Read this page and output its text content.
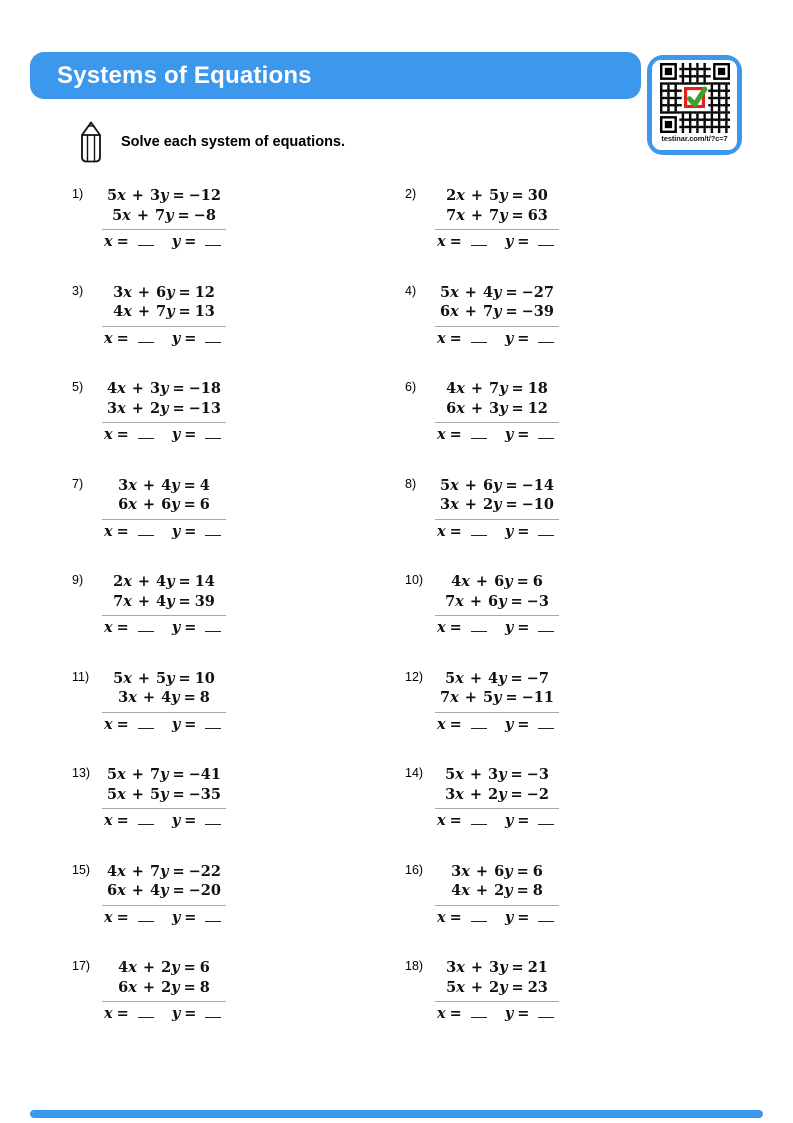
Systems of Equations
testinar.com/t/?c=7
Solve each system of equations.
1)	5x + 3y = −12
5x + 7y = −8
x =	y =
2)	2x + 5y = 30
7x + 7y = 63
x =	y =
3)	3x + 6y = 12
4x + 7y = 13
x =	y =
4)	5x + 4y = −27
6x + 7y = −39
x =	y =
5)	4x + 3y = −18
3x + 2y = −13
x =	y =
6)	4x + 7y = 18
6x + 3y = 12
x =	y =
7)	3x + 4y = 4
6x + 6y = 6
x =	y =
8)	5x + 6y = −14
3x + 2y = −10
x =	y =
9)	2x + 4y = 14
7x + 4y = 39
x =	y =
10)	4x + 6y = 6
7x + 6y = −3
x =	y =
11)	5x + 5y = 10
3x + 4y = 8
x =	y =
12)	5x + 4y = −7
7x + 5y = −11
x =	y =
13)	5x + 7y = −41
5x + 5y = −35
x =	y =
14)	5x + 3y = −3
3x + 2y = −2
x =	y =
15)	4x + 7y = −22
6x + 4y = −20
x =	y =
16)	3x + 6y = 6
4x + 2y = 8
x =	y =
17)	4x + 2y = 6
6x + 2y = 8
x =	y =
18)	3x + 3y = 21
5x + 2y = 23
x =	y =
